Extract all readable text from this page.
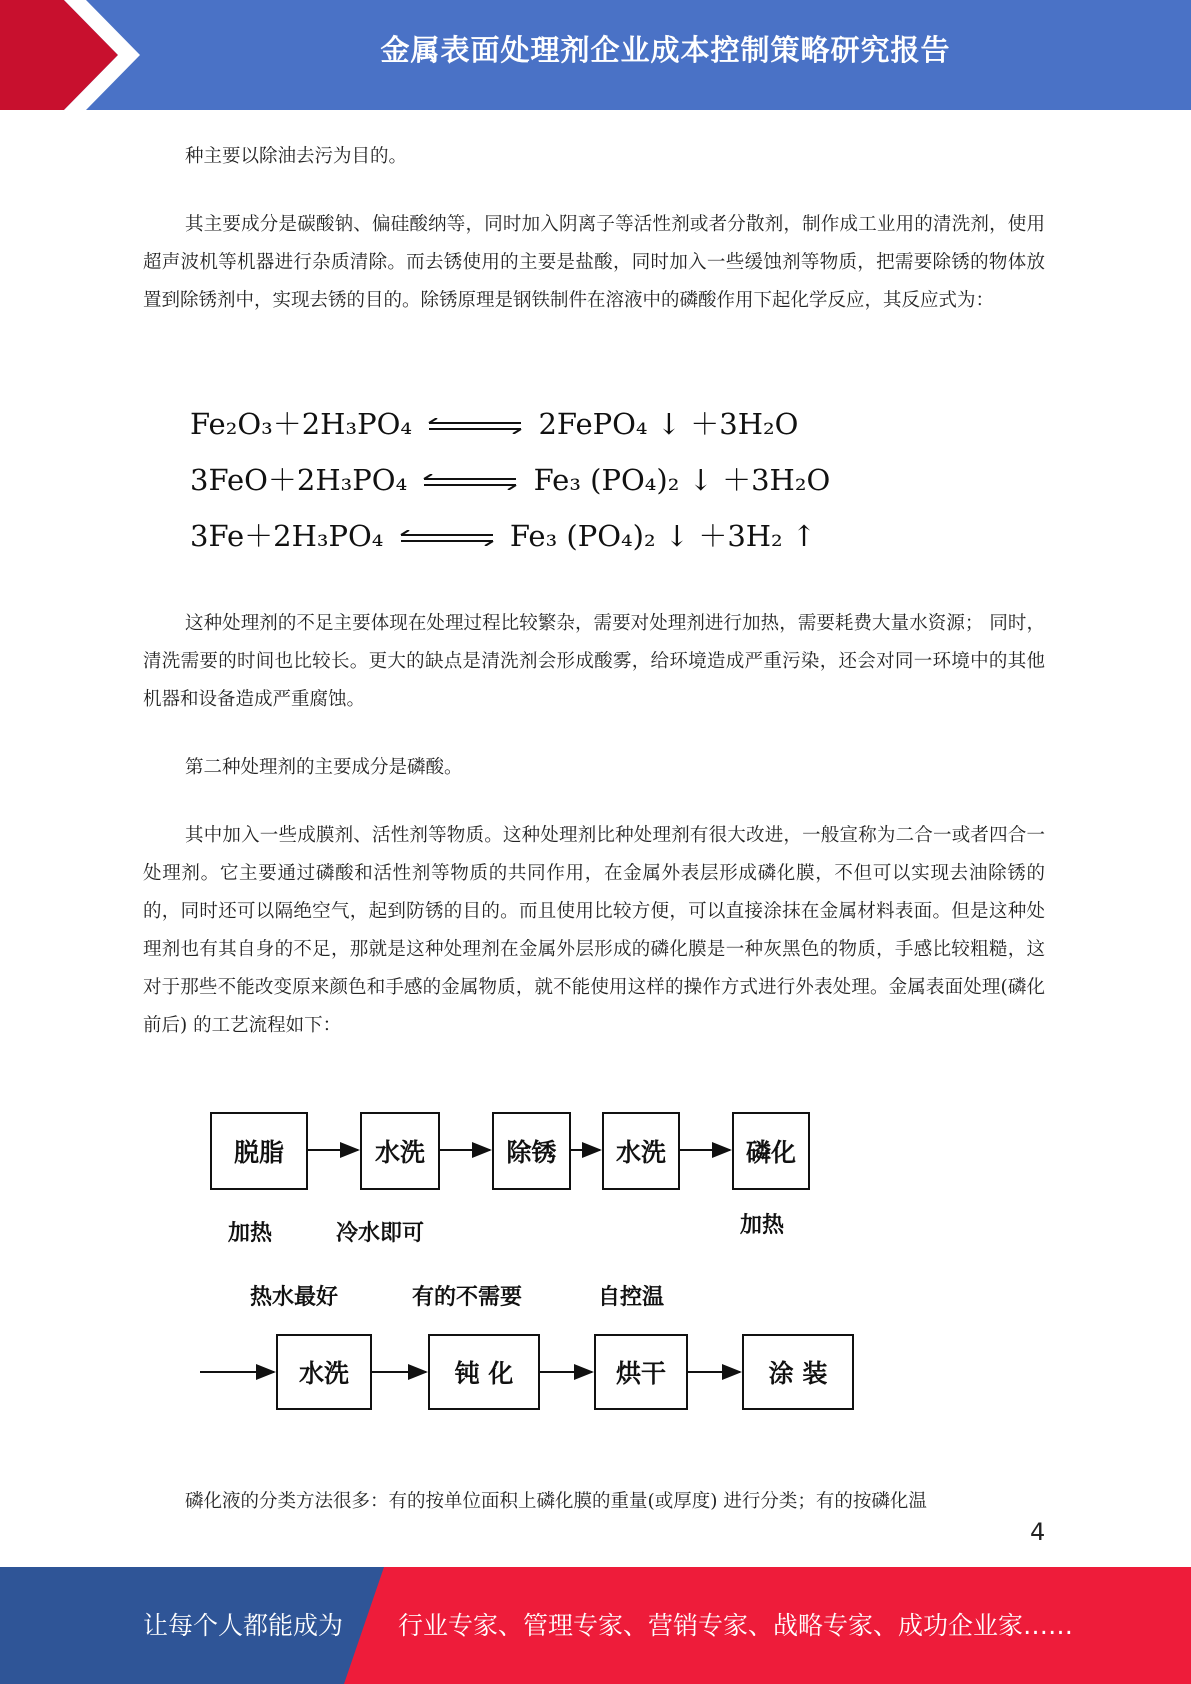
金属表面处理剂企业成本控制策略研究报告

种主要以除油去污为目的。

其主要成分是碳酸钠、偏硅酸纳等，同时加入阴离子等活性剂或者分散剂，制作成工业用的清洗剂，使用超声波机等机器进行杂质清除。而去锈使用的主要是盐酸，同时加入一些缓蚀剂等物质，把需要除锈的物体放置到除锈剂中，实现去锈的目的。除锈原理是钢铁制件在溶液中的磷酸作用下起化学反应，其反应式为：

Fe₂O₃＋2H₃PO₄ ⇌ 2FePO₄ ↓ ＋3H₂O
3FeO＋2H₃PO₄ ⇌ Fe₃ (PO₄)₂ ↓ ＋3H₂O
3Fe＋2H₃PO₄ ⇌ Fe₃ (PO₄)₂ ↓ ＋3H₂ ↑

这种处理剂的不足主要体现在处理过程比较繁杂，需要对处理剂进行加热，需要耗费大量水资源； 同时，清洗需要的时间也比较长。更大的缺点是清洗剂会形成酸雾，给环境造成严重污染，还会对同一环境中的其他机器和设备造成严重腐蚀。

第二种处理剂的主要成分是磷酸。

其中加入一些成膜剂、活性剂等物质。这种处理剂比种处理剂有很大改进，一般宣称为二合一或者四合一处理剂。它主要通过磷酸和活性剂等物质的共同作用，在金属外表层形成磷化膜，不但可以实现去油除锈的的，同时还可以隔绝空气，起到防锈的目的。而且使用比较方便，可以直接涂抹在金属材料表面。但是这种处理剂也有其自身的不足，那就是这种处理剂在金属外层形成的磷化膜是一种灰黑色的物质，手感比较粗糙，这对于那些不能改变原来颜色和手感的金属物质，就不能使用这样的操作方式进行外表处理。金属表面处理(磷化前后) 的工艺流程如下：

脱脂	水洗	除锈	水洗	磷化
加热	冷水即可	加热
热水最好	有的不需要	自控温
水洗	钝 化	烘干	涂 装

磷化液的分类方法很多：有的按单位面积上磷化膜的重量(或厚度) 进行分类；有的按磷化温

4
让每个人都能成为 行业专家、管理专家、营销专家、战略专家、成功企业家……
